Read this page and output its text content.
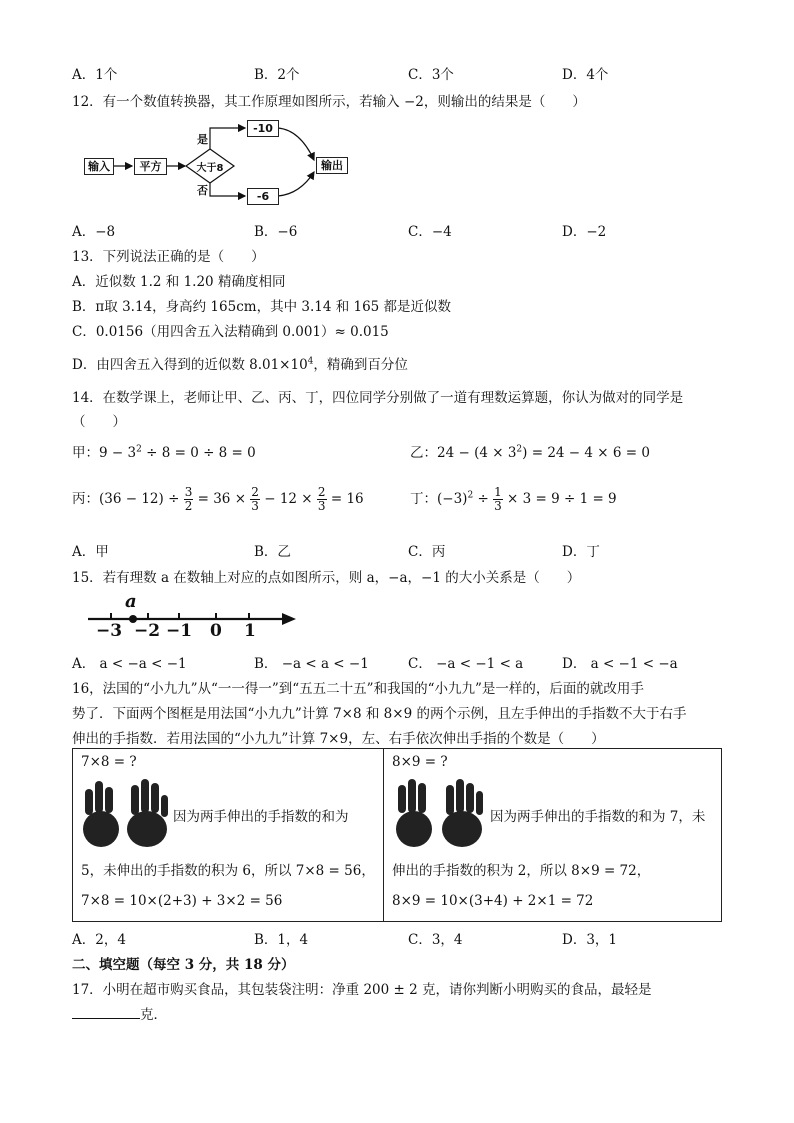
A．1个	B．2个	C．3个	D．4个
12．有一个数值转换器，其工作原理如图所示，若输入 −2，则输出的结果是（　　）
输入	平方	大于8
是
否
-10
-6
输出
A．−8	B．−6	C．−4	D．−2
13．下列说法正确的是（　　）
A．近似数 1.2 和 1.20 精确度相同
B．π取 3.14，身高约 165cm，其中 3.14 和 165 都是近似数
C．0.0156（用四舍五入法精确到 0.001）≈ 0.015
D．由四舍五入得到的近似数 $8.01\times 10^4$，精确到百分位
14．在数学课上，老师让甲、乙、丙、丁，四位同学分别做了一道有理数运算题，你认为做对的同学是
（　　）
甲：$9 - 3^2 \div 8 = 0 \div 8 = 0$	乙：$24 - (4 \times 3^2) = 24 - 4 \times 6 = 0$
丙：$(36 - 12) \div \frac{3}{2} = 36 \times \frac{2}{3} - 12 \times \frac{2}{3} = 16$	丁：$(-3)^2 \div \frac{1}{3} \times 3 = 9 \div 1 = 9$
A．甲	B．乙	C．丙	D．丁
15．若有理数 a 在数轴上对应的点如图所示，则 a，−a，−1 的大小关系是（　　）
a
−3 −2 −1 0 1
A． a < −a < −1	B． −a < a < −1	C． −a < −1 < a	D． a < −1 < −a
16，法国的“小九九”从“一一得一”到“五五二十五”和我国的“小九九”是一样的，后面的就改用手
势了．下面两个图框是用法国“小九九”计算 7×8 和 8×9 的两个示例，且左手伸出的手指数不大于右手
伸出的手指数．若用法国的“小九九”计算 7×9，左、右手依次伸出手指的个数是（　　）
7×8 = ?
因为两手伸出的手指数的和为
5，未伸出的手指数的积为 6，所以 7×8 = 56，
7×8 = 10×(2+3) + 3×2 = 56
8×9 = ?
因为两手伸出的手指数的和为 7，未
伸出的手指数的积为 2，所以 8×9 = 72，
8×9 = 10×(3+4) + 2×1 = 72
A．2，4	B．1，4	C．3，4	D．3，1
二、填空题（每空 3 分，共 18 分）
17．小明在超市购买食品，其包装袋注明：净重 200 ± 2 克，请你判断小明购买的食品，最轻是
克．
